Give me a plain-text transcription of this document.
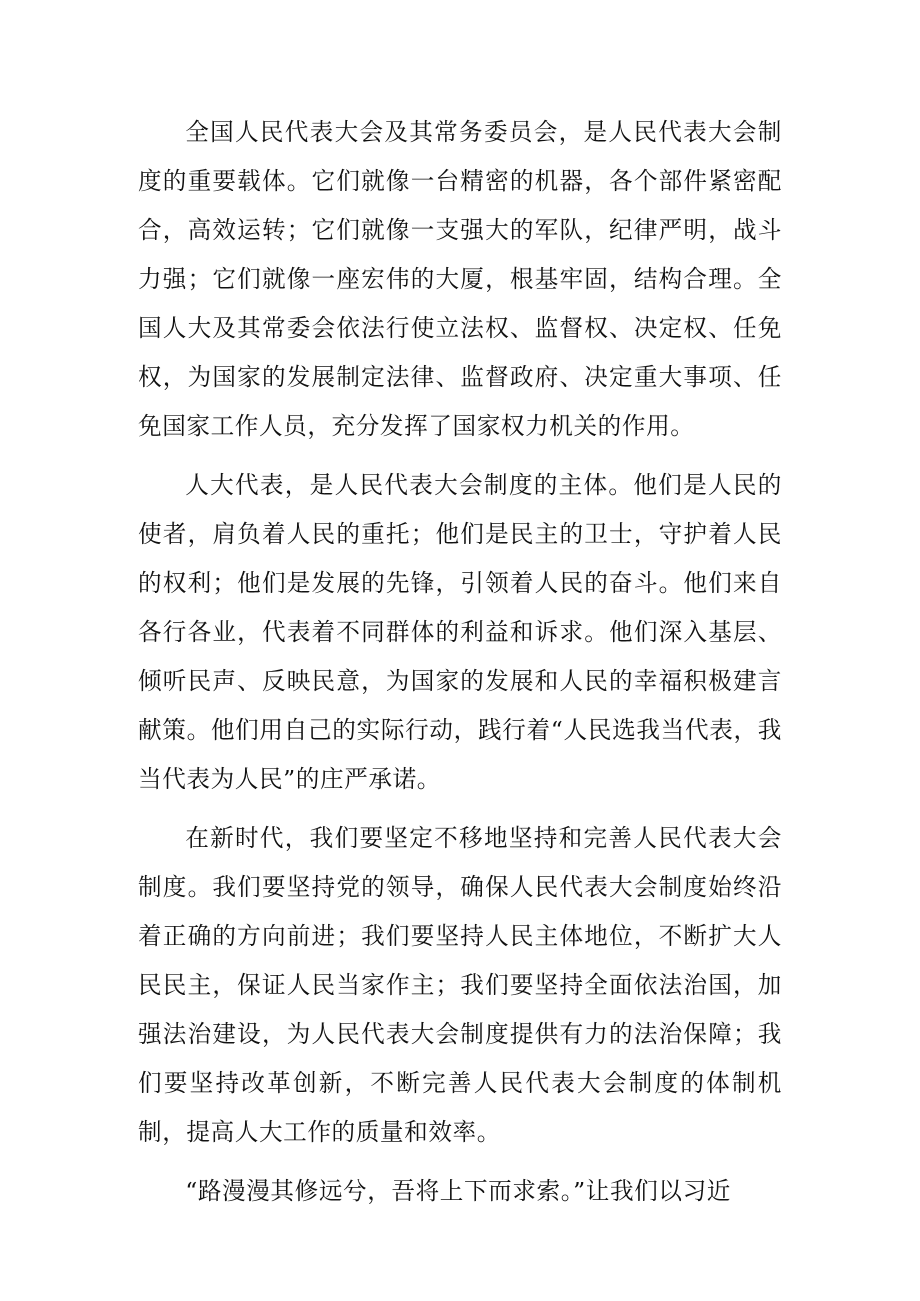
全国人民代表大会及其常务委员会，是人民代表大会制度的重要载体。它们就像一台精密的机器，各个部件紧密配合，高效运转；它们就像一支强大的军队，纪律严明，战斗力强；它们就像一座宏伟的大厦，根基牢固，结构合理。全国人大及其常委会依法行使立法权、监督权、决定权、任免权，为国家的发展制定法律、监督政府、决定重大事项、任免国家工作人员，充分发挥了国家权力机关的作用。

人大代表，是人民代表大会制度的主体。他们是人民的使者，肩负着人民的重托；他们是民主的卫士，守护着人民的权利；他们是发展的先锋，引领着人民的奋斗。他们来自各行各业，代表着不同群体的利益和诉求。他们深入基层、倾听民声、反映民意，为国家的发展和人民的幸福积极建言献策。他们用自己的实际行动，践行着“人民选我当代表，我当代表为人民”的庄严承诺。

在新时代，我们要坚定不移地坚持和完善人民代表大会制度。我们要坚持党的领导，确保人民代表大会制度始终沿着正确的方向前进；我们要坚持人民主体地位，不断扩大人民民主，保证人民当家作主；我们要坚持全面依法治国，加强法治建设，为人民代表大会制度提供有力的法治保障；我们要坚持改革创新，不断完善人民代表大会制度的体制机制，提高人大工作的质量和效率。

“路漫漫其修远兮，吾将上下而求索。”让我们以习近
